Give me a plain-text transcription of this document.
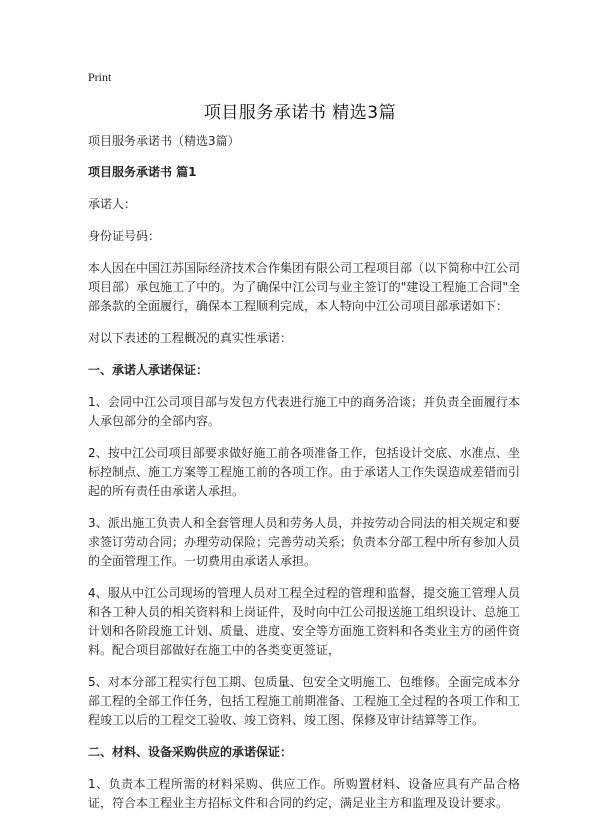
Print
项目服务承诺书 精选3篇

项目服务承诺书（精选3篇）

项目服务承诺书 篇1

承诺人：

身份证号码：

本人因在中国江苏国际经济技术合作集团有限公司工程项目部（以下简称中江公司项目部）承包施工了中的。为了确保中江公司与业主签订的"建设工程施工合同"全部条款的全面履行，确保本工程顺利完成，本人特向中江公司项目部承诺如下：

对以下表述的工程概况的真实性承诺：

一、承诺人承诺保证：

1、会同中江公司项目部与发包方代表进行施工中的商务洽谈；并负责全面履行本人承包部分的全部内容。

2、按中江公司项目部要求做好施工前各项准备工作，包括设计交底、水准点、坐标控制点、施工方案等工程施工前的各项工作。由于承诺人工作失误造成差错而引起的所有责任由承诺人承担。

3、派出施工负责人和全套管理人员和劳务人员，并按劳动合同法的相关规定和要求签订劳动合同；办理劳动保险；完善劳动关系；负责本分部工程中所有参加人员的全面管理工作。一切费用由承诺人承担。

4、服从中江公司现场的管理人员对工程全过程的管理和监督，提交施工管理人员和各工种人员的相关资料和上岗证件，及时向中江公司报送施工组织设计、总施工计划和各阶段施工计划、质量、进度、安全等方面施工资料和各类业主方的函件资料。配合项目部做好在施工中的各类变更签证，

5、对本分部工程实行包工期、包质量、包安全文明施工、包维修。全面完成本分部工程的全部工作任务，包括工程施工前期准备、工程施工全过程的各项工作和工程竣工以后的工程交工验收、竣工资料、竣工图、保修及审计结算等工作。

二、材料、设备采购供应的承诺保证：

1、负责本工程所需的材料采购、供应工作。所购置材料、设备应具有产品合格证，符合本工程业主方招标文件和合同的约定，满足业主方和监理及设计要求。
